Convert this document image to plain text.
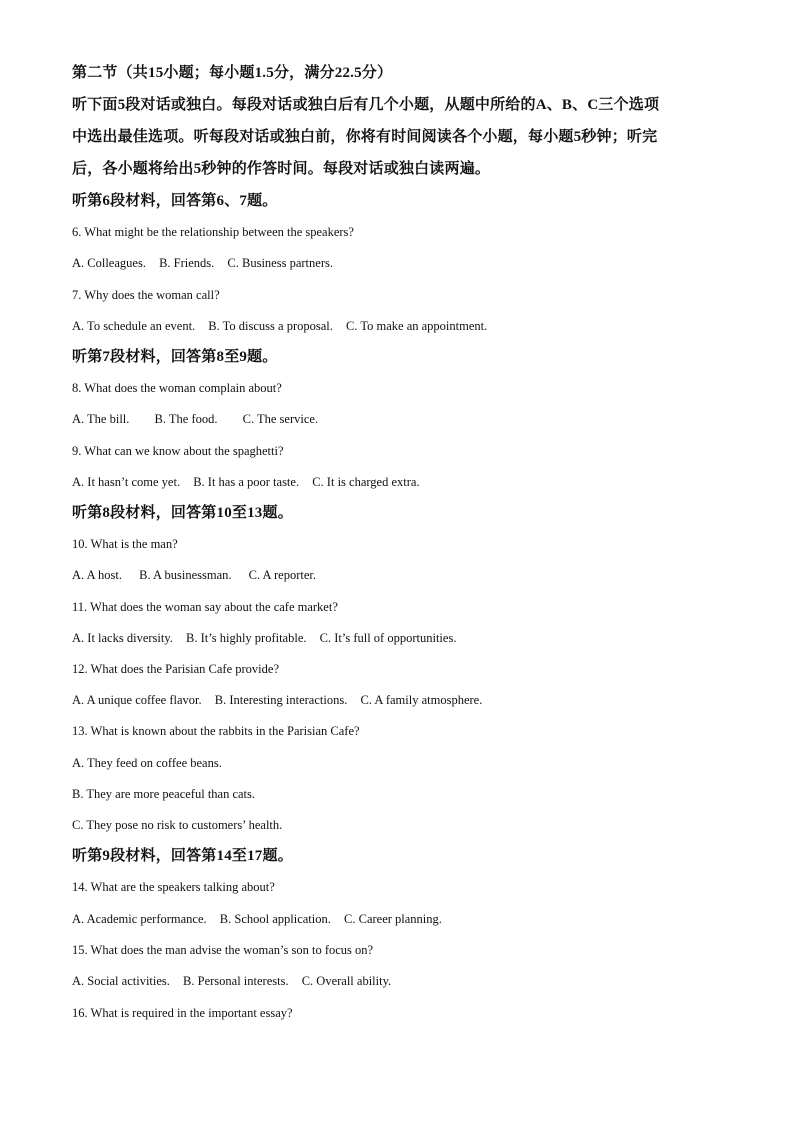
第二节（共15小题；每小题1.5分，满分22.5分）
听下面5段对话或独白。每段对话或独白后有几个小题，从题中所给的A、B、C三个选项
中选出最佳选项。听每段对话或独白前，你将有时间阅读各个小题，每小题5秒钟；听完
后，各小题将给出5秒钟的作答时间。每段对话或独白读两遍。
听第6段材料，回答第6、7题。
6. What might be the relationship between the speakers?
A. Colleagues. B. Friends. C. Business partners.
7. Why does the woman call?
A. To schedule an event. B. To discuss a proposal. C. To make an appointment.
听第7段材料，回答第8至9题。
8. What does the woman complain about?
A. The bill. B. The food. C. The service.
9. What can we know about the spaghetti?
A. It hasn’t come yet. B. It has a poor taste. C. It is charged extra.
听第8段材料，回答第10至13题。
10. What is the man?
A. A host. B. A businessman. C. A reporter.
11. What does the woman say about the cafe market?
A. It lacks diversity. B. It’s highly profitable. C. It’s full of opportunities.
12. What does the Parisian Cafe provide?
A. A unique coffee flavor. B. Interesting interactions. C. A family atmosphere.
13. What is known about the rabbits in the Parisian Cafe?
A. They feed on coffee beans.
B. They are more peaceful than cats.
C. They pose no risk to customers’ health.
听第9段材料，回答第14至17题。
14. What are the speakers talking about?
A. Academic performance. B. School application. C. Career planning.
15. What does the man advise the woman’s son to focus on?
A. Social activities. B. Personal interests. C. Overall ability.
16. What is required in the important essay?
